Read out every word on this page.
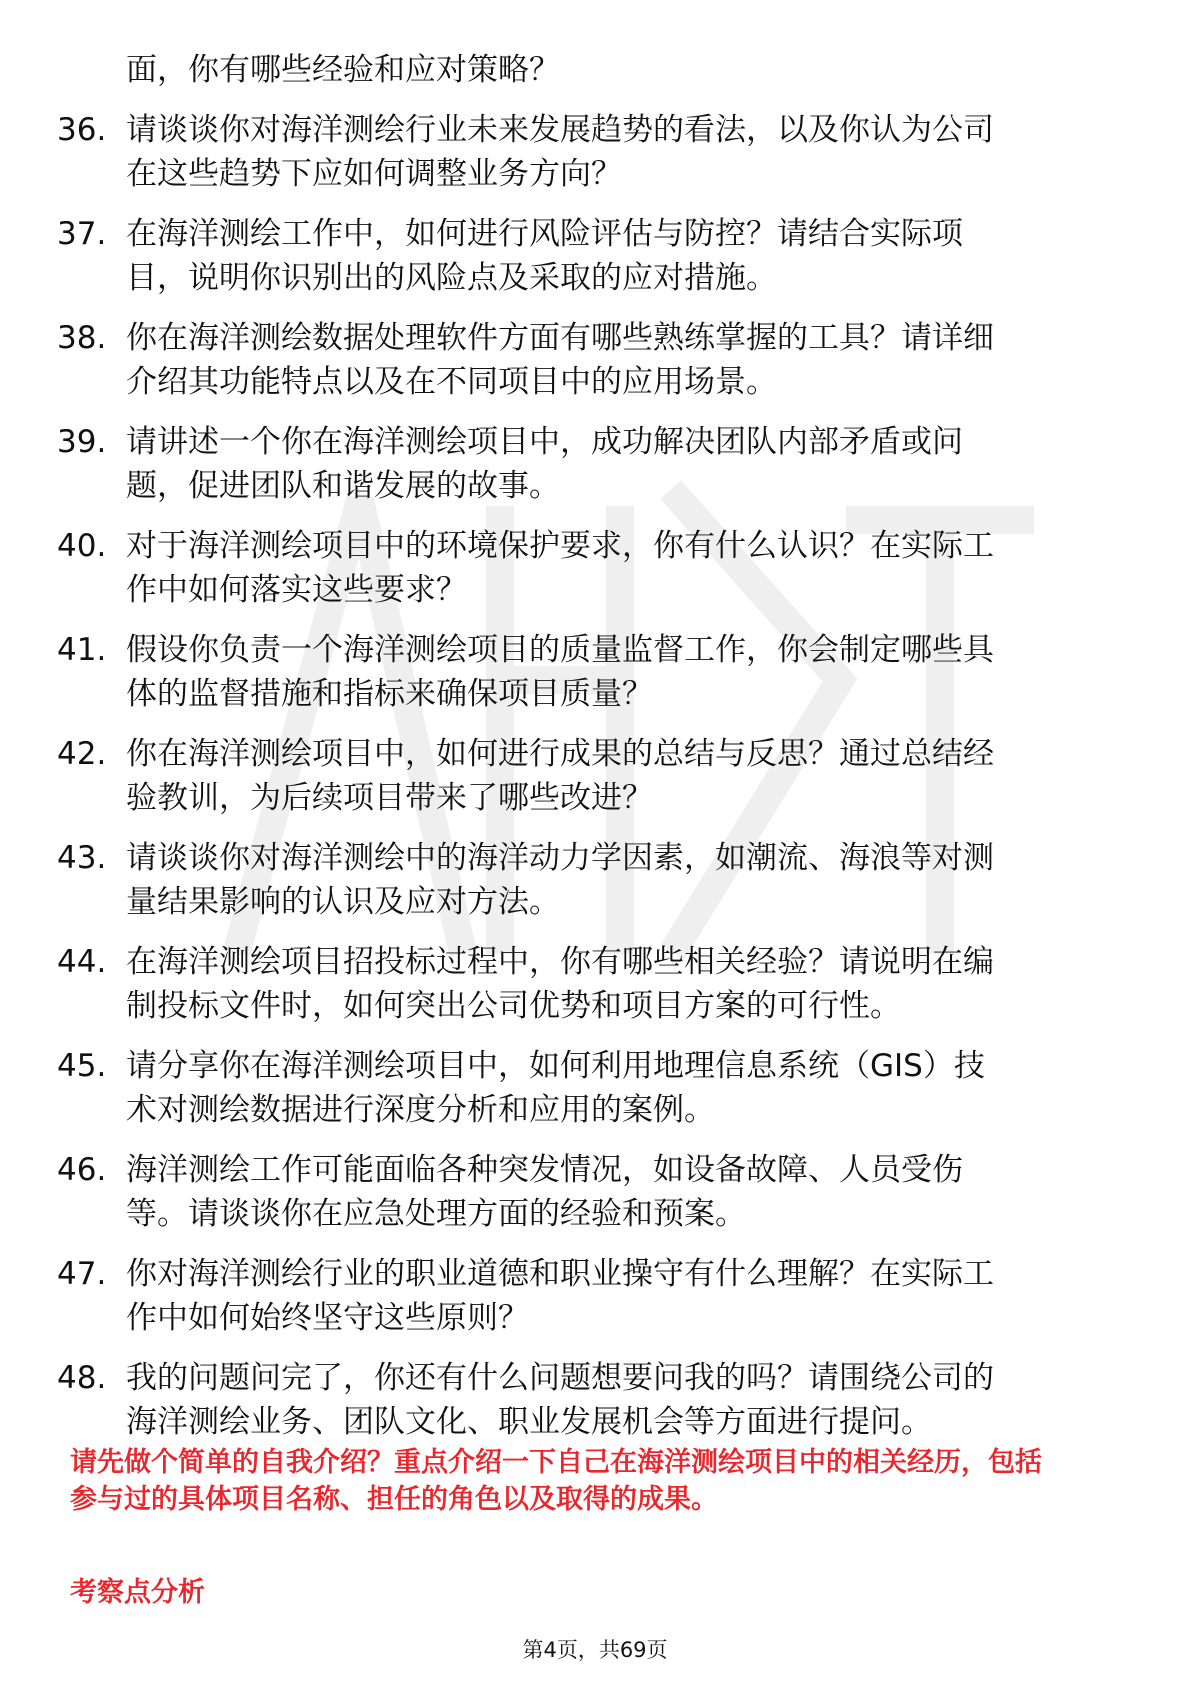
面，你有哪些经验和应对策略？
36. 请谈谈你对海洋测绘行业未来发展趋势的看法，以及你认为公司
在这些趋势下应如何调整业务方向？
37. 在海洋测绘工作中，如何进行风险评估与防控？请结合实际项
目，说明你识别出的风险点及采取的应对措施。
38. 你在海洋测绘数据处理软件方面有哪些熟练掌握的工具？请详细
介绍其功能特点以及在不同项目中的应用场景。
39. 请讲述一个你在海洋测绘项目中，成功解决团队内部矛盾或问
题，促进团队和谐发展的故事。
40. 对于海洋测绘项目中的环境保护要求，你有什么认识？在实际工
作中如何落实这些要求？
41. 假设你负责一个海洋测绘项目的质量监督工作，你会制定哪些具
体的监督措施和指标来确保项目质量？
42. 你在海洋测绘项目中，如何进行成果的总结与反思？通过总结经
验教训，为后续项目带来了哪些改进？
43. 请谈谈你对海洋测绘中的海洋动力学因素，如潮流、海浪等对测
量结果影响的认识及应对方法。
44. 在海洋测绘项目招投标过程中，你有哪些相关经验？请说明在编
制投标文件时，如何突出公司优势和项目方案的可行性。
45. 请分享你在海洋测绘项目中，如何利用地理信息系统（GIS）技
术对测绘数据进行深度分析和应用的案例。
46. 海洋测绘工作可能面临各种突发情况，如设备故障、人员受伤
等。请谈谈你在应急处理方面的经验和预案。
47. 你对海洋测绘行业的职业道德和职业操守有什么理解？在实际工
作中如何始终坚守这些原则？
48. 我的问题问完了，你还有什么问题想要问我的吗？请围绕公司的
海洋测绘业务、团队文化、职业发展机会等方面进行提问。
请先做个简单的自我介绍？重点介绍一下自己在海洋测绘项目中的相关经历，包括
参与过的具体项目名称、担任的角色以及取得的成果。
考察点分析
第4页，共69页
